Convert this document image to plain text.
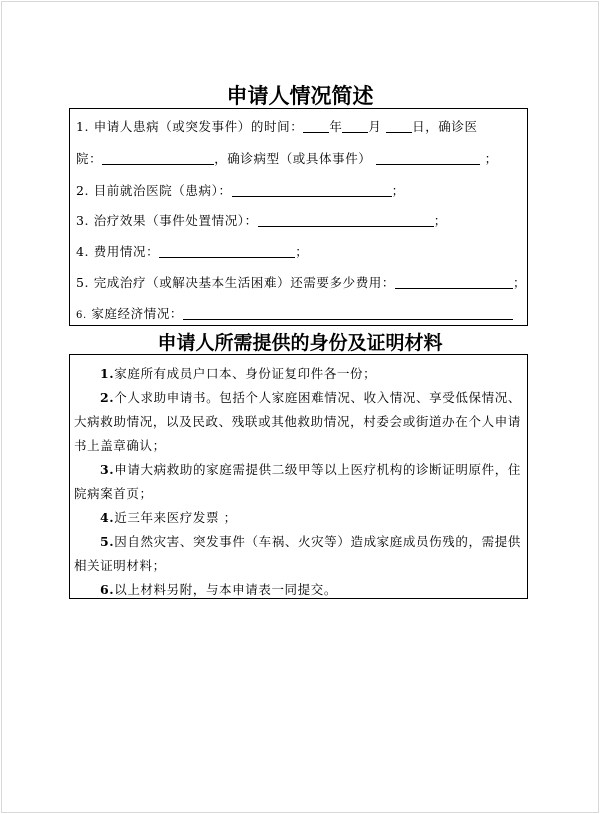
申请人情况简述
1. 申请人患病（或突发事件）的时间： 年 月 日，确诊医
院：	，确诊病型（或具体事件）	；
2. 目前就治医院（患病）：	；
3. 治疗效果（事件处置情况）：	；
4. 费用情况：	；
5. 完成治疗（或解决基本生活困难）还需要多少费用：	；
6. 家庭经济情况：
申请人所需提供的身份及证明材料
1.家庭所有成员户口本、身份证复印件各一份；
2.个人求助申请书。包括个人家庭困难情况、收入情况、享受低保情况、大病救助情况，以及民政、残联或其他救助情况，村委会或街道办在个人申请书上盖章确认；
3.申请大病救助的家庭需提供二级甲等以上医疗机构的诊断证明原件，住院病案首页；
4.近三年来医疗发票 ；
5.因自然灾害、突发事件（车祸、火灾等）造成家庭成员伤残的，需提供相关证明材料；
6.以上材料另附，与本申请表一同提交。
